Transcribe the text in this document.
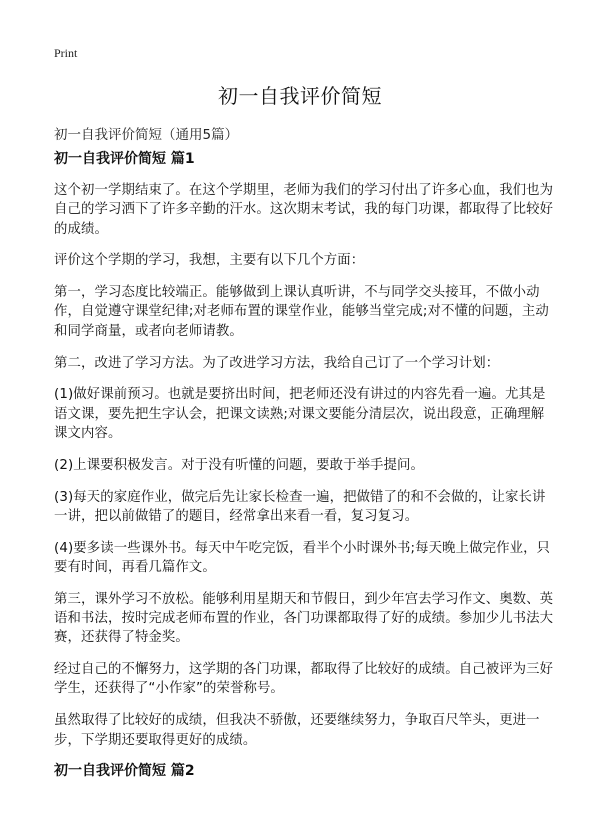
Print
初一自我评价简短
初一自我评价简短（通用5篇）
初一自我评价简短 篇1

这个初一学期结束了。在这个学期里，老师为我们的学习付出了许多心血，我们也为自己的学习洒下了许多辛勤的汗水。这次期末考试，我的每门功课，都取得了比较好的成绩。

评价这个学期的学习，我想，主要有以下几个方面：

第一，学习态度比较端正。能够做到上课认真听讲，不与同学交头接耳，不做小动作，自觉遵守课堂纪律;对老师布置的课堂作业，能够当堂完成;对不懂的问题，主动和同学商量，或者向老师请教。

第二，改进了学习方法。为了改进学习方法，我给自己订了一个学习计划：

(1)做好课前预习。也就是要挤出时间，把老师还没有讲过的内容先看一遍。尤其是语文课，要先把生字认会，把课文读熟;对课文要能分清层次，说出段意，正确理解课文内容。

(2)上课要积极发言。对于没有听懂的问题，要敢于举手提问。

(3)每天的家庭作业，做完后先让家长检查一遍，把做错了的和不会做的，让家长讲一讲，把以前做错了的题目，经常拿出来看一看，复习复习。

(4)要多读一些课外书。每天中午吃完饭，看半个小时课外书;每天晚上做完作业，只要有时间，再看几篇作文。

第三，课外学习不放松。能够利用星期天和节假日，到少年宫去学习作文、奥数、英语和书法，按时完成老师布置的作业，各门功课都取得了好的成绩。参加少儿书法大赛，还获得了特金奖。

经过自己的不懈努力，这学期的各门功课，都取得了比较好的成绩。自己被评为三好学生，还获得了“小作家”的荣誉称号。

虽然取得了比较好的成绩，但我决不骄傲，还要继续努力，争取百尺竿头，更进一步，下学期还要取得更好的成绩。

初一自我评价简短 篇2
